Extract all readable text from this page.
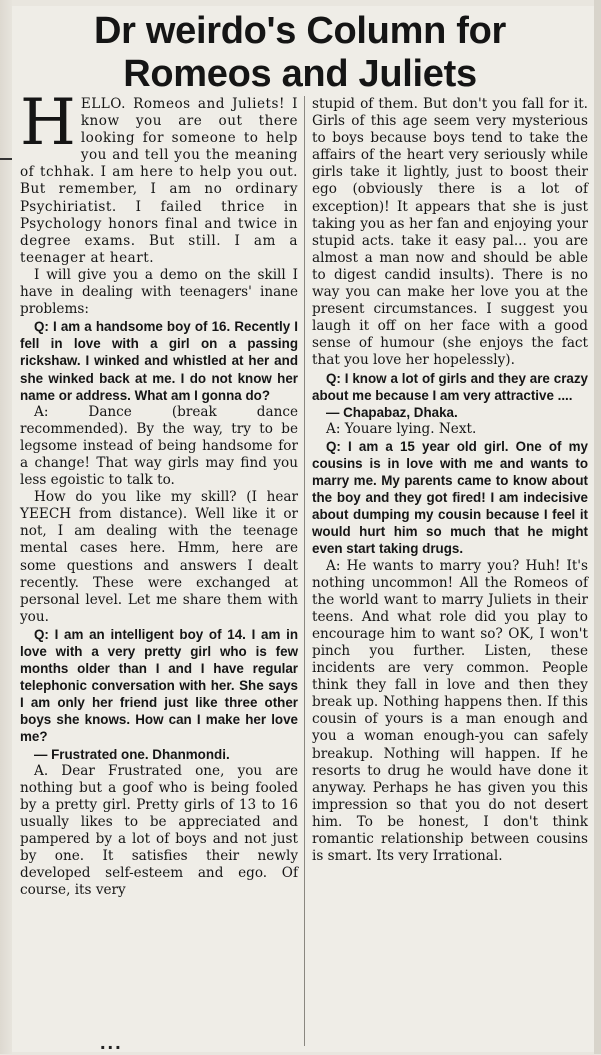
Dr weirdo's Column for
Romeos and Juliets

HELLO. Romeos and Juliets! I know you are out there looking for someone to help you and tell you the meaning of tchhak. I am here to help you out. But remember, I am no ordinary Psychiriatist. I failed thrice in Psychology honors final and twice in degree exams. But still. I am a teenager at heart.

I will give you a demo on the skill I have in dealing with teenagers' inane problems:

Q: I am a handsome boy of 16. Recently I fell in love with a girl on a passing rickshaw. I winked and whistled at her and she winked back at me. I do not know her name or address. What am I gonna do?

A: Dance (break dance recommended). By the way, try to be legsome instead of being handsome for a change! That way girls may find you less egoistic to talk to.

How do you like my skill? (I hear YEECH from distance). Well like it or not, I am dealing with the teenage mental cases here. Hmm, here are some questions and answers I dealt recently. These were exchanged at personal level. Let me share them with you.

Q: I am an intelligent boy of 14. I am in love with a very pretty girl who is few months older than I and I have regular telephonic conversation with her. She says I am only her friend just like three other boys she knows. How can I make her love me?

— Frustrated one. Dhanmondi.

A. Dear Frustrated one, you are nothing but a goof who is being fooled by a pretty girl. Pretty girls of 13 to 16 usually likes to be appreciated and pampered by a lot of boys and not just by one. It satisfies their newly developed self-esteem and ego. Of course, its very

stupid of them. But don't you fall for it. Girls of this age seem very mysterious to boys because boys tend to take the affairs of the heart very seriously while girls take it lightly, just to boost their ego (obviously there is a lot of exception)! It appears that she is just taking you as her fan and enjoying your stupid acts. take it easy pal... you are almost a man now and should be able to digest candid insults). There is no way you can make her love you at the present circumstances. I suggest you laugh it off on her face with a good sense of humour (she enjoys the fact that you love her hopelessly).

Q: I know a lot of girls and they are crazy about me because I am very attractive ....

— Chapabaz, Dhaka.

A: Youare lying. Next.

Q: I am a 15 year old girl. One of my cousins is in love with me and wants to marry me. My parents came to know about the boy and they got fired! I am indecisive about dumping my cousin because I feel it would hurt him so much that he might even start taking drugs.

A: He wants to marry you? Huh! It's nothing uncommon! All the Romeos of the world want to marry Juliets in their teens. And what role did you play to encourage him to want so? OK, I won't pinch you further. Listen, these incidents are very common. People think they fall in love and then they break up. Nothing happens then. If this cousin of yours is a man enough and you a woman enough-you can safely breakup. Nothing will happen. If he resorts to drug he would have done it anyway. Perhaps he has given you this impression so that you do not desert him. To be honest, I don't think romantic relationship between cousins is smart. Its very Irrational.

...
